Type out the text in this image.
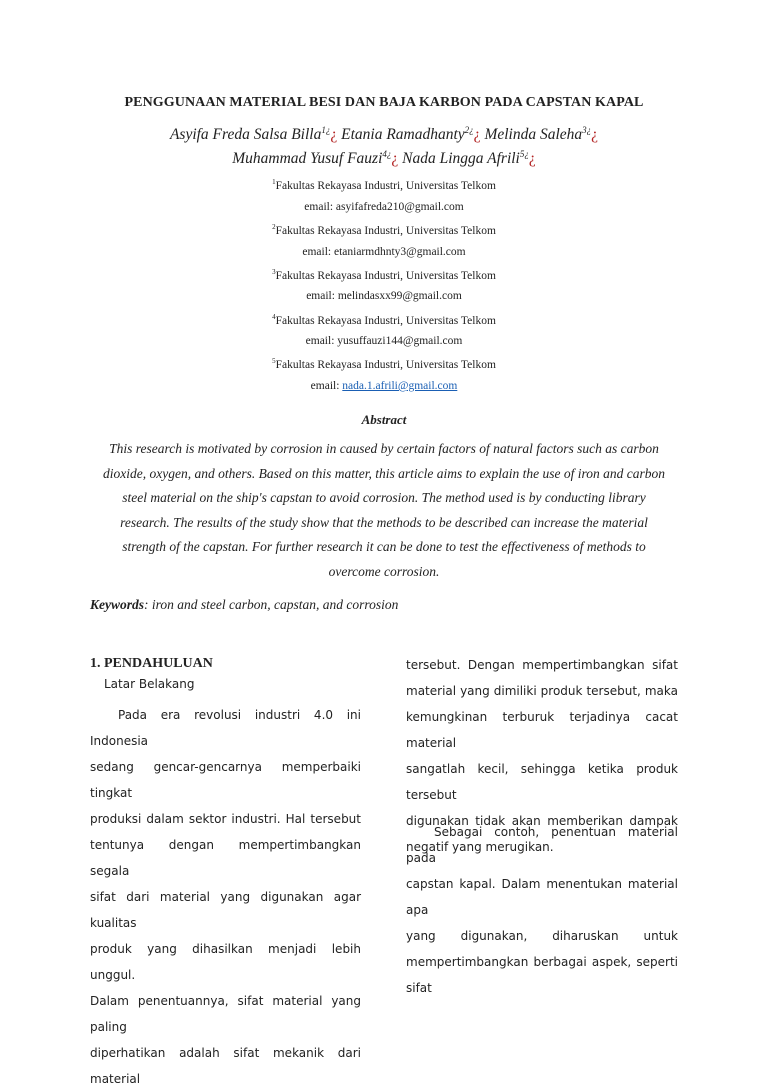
PENGGUNAAN MATERIAL BESI DAN BAJA KARBON PADA CAPSTAN KAPAL
Asyifa Freda Salsa Billa$^{1¿}$¿ Etania Ramadhanty$^{2¿}$¿ Melinda Saleha$^{3¿}$¿
Muhammad Yusuf Fauzi$^{4¿}$¿ Nada Lingga Afrili$^{5¿}$¿
$^1$Fakultas Rekayasa Industri, Universitas Telkom
email: asyifafreda210@gmail.com
$^2$Fakultas Rekayasa Industri, Universitas Telkom
email: etaniarmdhnty3@gmail.com
$^3$Fakultas Rekayasa Industri, Universitas Telkom
email: melindasxx99@gmail.com
$^4$Fakultas Rekayasa Industri, Universitas Telkom
email: yusuffauzi144@gmail.com
$^5$Fakultas Rekayasa Industri, Universitas Telkom
email: nada.1.afrili@gmail.com
Abstract
This research is motivated by corrosion in caused by certain factors of natural factors such as carbon
dioxide, oxygen, and others. Based on this matter, this article aims to explain the use of iron and carbon
steel material on the ship's capstan to avoid corrosion. The method used is by conducting library
research. The results of the study show that the methods to be described can increase the material
strength of the capstan. For further research it can be done to test the effectiveness of methods to
overcome corrosion.
Keywords: iron and steel carbon, capstan, and corrosion
1. PENDAHULUAN
Latar Belakang
Pada era revolusi industri 4.0 ini Indonesia
sedang gencar-gencarnya memperbaiki tingkat
produksi dalam sektor industri. Hal tersebut
tentunya dengan mempertimbangkan segala
sifat dari material yang digunakan agar kualitas
produk yang dihasilkan menjadi lebih unggul.
Dalam penentuannya, sifat material yang paling
diperhatikan adalah sifat mekanik dari material
tersebut. Dengan mempertimbangkan sifat
material yang dimiliki produk tersebut, maka
kemungkinan terburuk terjadinya cacat material
sangatlah kecil, sehingga ketika produk tersebut
digunakan tidak akan memberikan dampak
negatif yang merugikan.
Sebagai contoh, penentuan material pada
capstan kapal. Dalam menentukan material apa
yang digunakan, diharuskan untuk
mempertimbangkan berbagai aspek, seperti sifat
